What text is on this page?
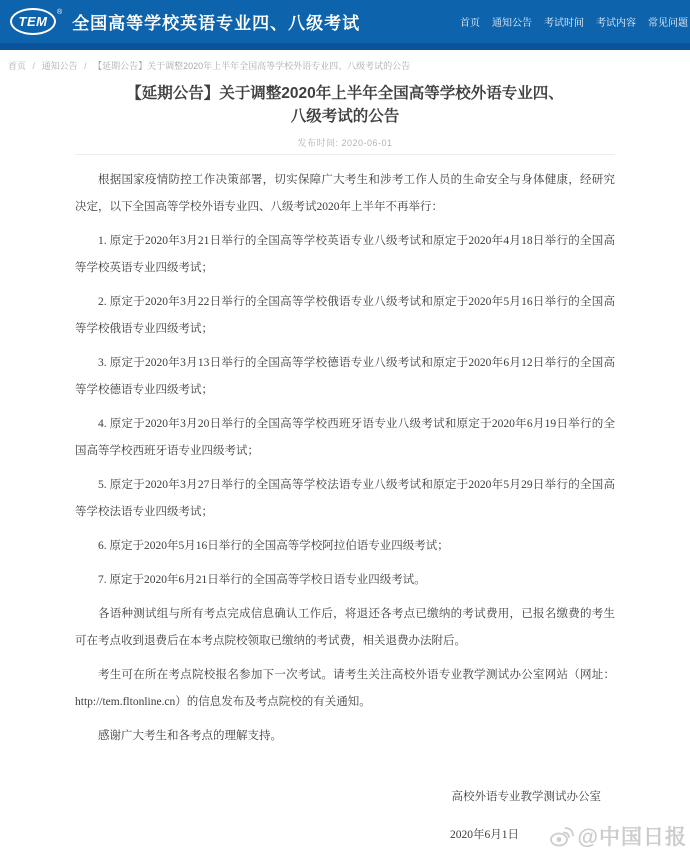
TEM
®
全国高等学校英语专业四、八级考试	首页 通知公告 考试时间 考试内容 常见问题
首页 / 通知公告 / 【延期公告】关于调整2020年上半年全国高等学校外语专业四、八级考试的公告
【延期公告】关于调整2020年上半年全国高等学校外语专业四、八级考试的公告
发布时间: 2020-06-01

根据国家疫情防控工作决策部署，切实保障广大考生和涉考工作人员的生命安全与身体健康，经研究决定，以下全国高等学校外语专业四、八级考试2020年上半年不再举行：

1. 原定于2020年3月21日举行的全国高等学校英语专业八级考试和原定于2020年4月18日举行的全国高等学校英语专业四级考试；

2. 原定于2020年3月22日举行的全国高等学校俄语专业八级考试和原定于2020年5月16日举行的全国高等学校俄语专业四级考试；

3. 原定于2020年3月13日举行的全国高等学校德语专业八级考试和原定于2020年6月12日举行的全国高等学校德语专业四级考试；

4. 原定于2020年3月20日举行的全国高等学校西班牙语专业八级考试和原定于2020年6月19日举行的全国高等学校西班牙语专业四级考试；

5. 原定于2020年3月27日举行的全国高等学校法语专业八级考试和原定于2020年5月29日举行的全国高等学校法语专业四级考试；

6. 原定于2020年5月16日举行的全国高等学校阿拉伯语专业四级考试；

7. 原定于2020年6月21日举行的全国高等学校日语专业四级考试。

各语种测试组与所有考点完成信息确认工作后，将退还各考点已缴纳的考试费用，已报名缴费的考生可在考点收到退费后在本考点院校领取已缴纳的考试费，相关退费办法附后。

考生可在所在考点院校报名参加下一次考试。请考生关注高校外语专业教学测试办公室网站（网址：http://tem.fltonline.cn）的信息发布及考点院校的有关通知。

感谢广大考生和各考点的理解支持。

高校外语专业教学测试办公室
2020年6月1日	@中国日报
